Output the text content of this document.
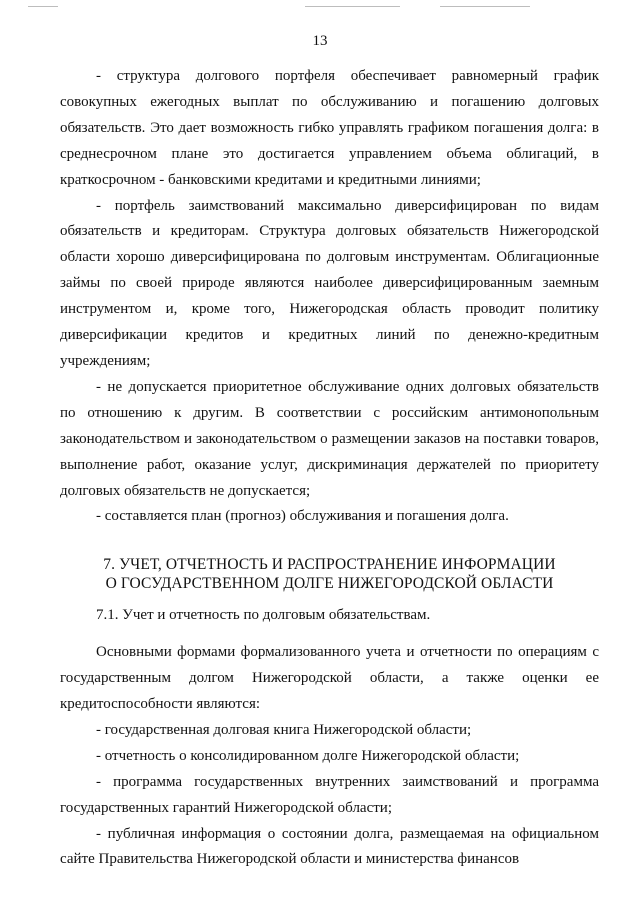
13

- структура долгового портфеля обеспечивает равномерный график совокупных ежегодных выплат по обслуживанию и погашению долговых обязательств. Это дает возможность гибко управлять графиком погашения долга: в среднесрочном плане это достигается управлением объема облигаций, в краткосрочном - банковскими кредитами и кредитными линиями;

- портфель заимствований максимально диверсифицирован по видам обязательств и кредиторам. Структура долговых обязательств Нижегородской области хорошо диверсифицирована по долговым инструментам. Облигационные займы по своей природе являются наиболее диверсифицированным заемным инструментом и, кроме того, Нижегородская область проводит политику диверсификации кредитов и кредитных линий по денежно-кредитным учреждениям;

- не допускается приоритетное обслуживание одних долговых обязательств по отношению к другим. В соответствии с российским антимонопольным законодательством и законодательством о размещении заказов на поставки товаров, выполнение работ, оказание услуг, дискриминация держателей по приоритету долговых обязательств не допускается;

- составляется план (прогноз) обслуживания и погашения долга.

7. УЧЕТ, ОТЧЕТНОСТЬ И РАСПРОСТРАНЕНИЕ ИНФОРМАЦИИ
О ГОСУДАРСТВЕННОМ ДОЛГЕ НИЖЕГОРОДСКОЙ ОБЛАСТИ

7.1. Учет и отчетность по долговым обязательствам.

Основными формами формализованного учета и отчетности по операциям с государственным долгом Нижегородской области, а также оценки ее кредитоспособности являются:

- государственная долговая книга Нижегородской области;

- отчетность о консолидированном долге Нижегородской области;

- программа государственных внутренних заимствований и программа государственных гарантий Нижегородской области;

- публичная информация о состоянии долга, размещаемая на официальном сайте Правительства Нижегородской области и министерства финансов
